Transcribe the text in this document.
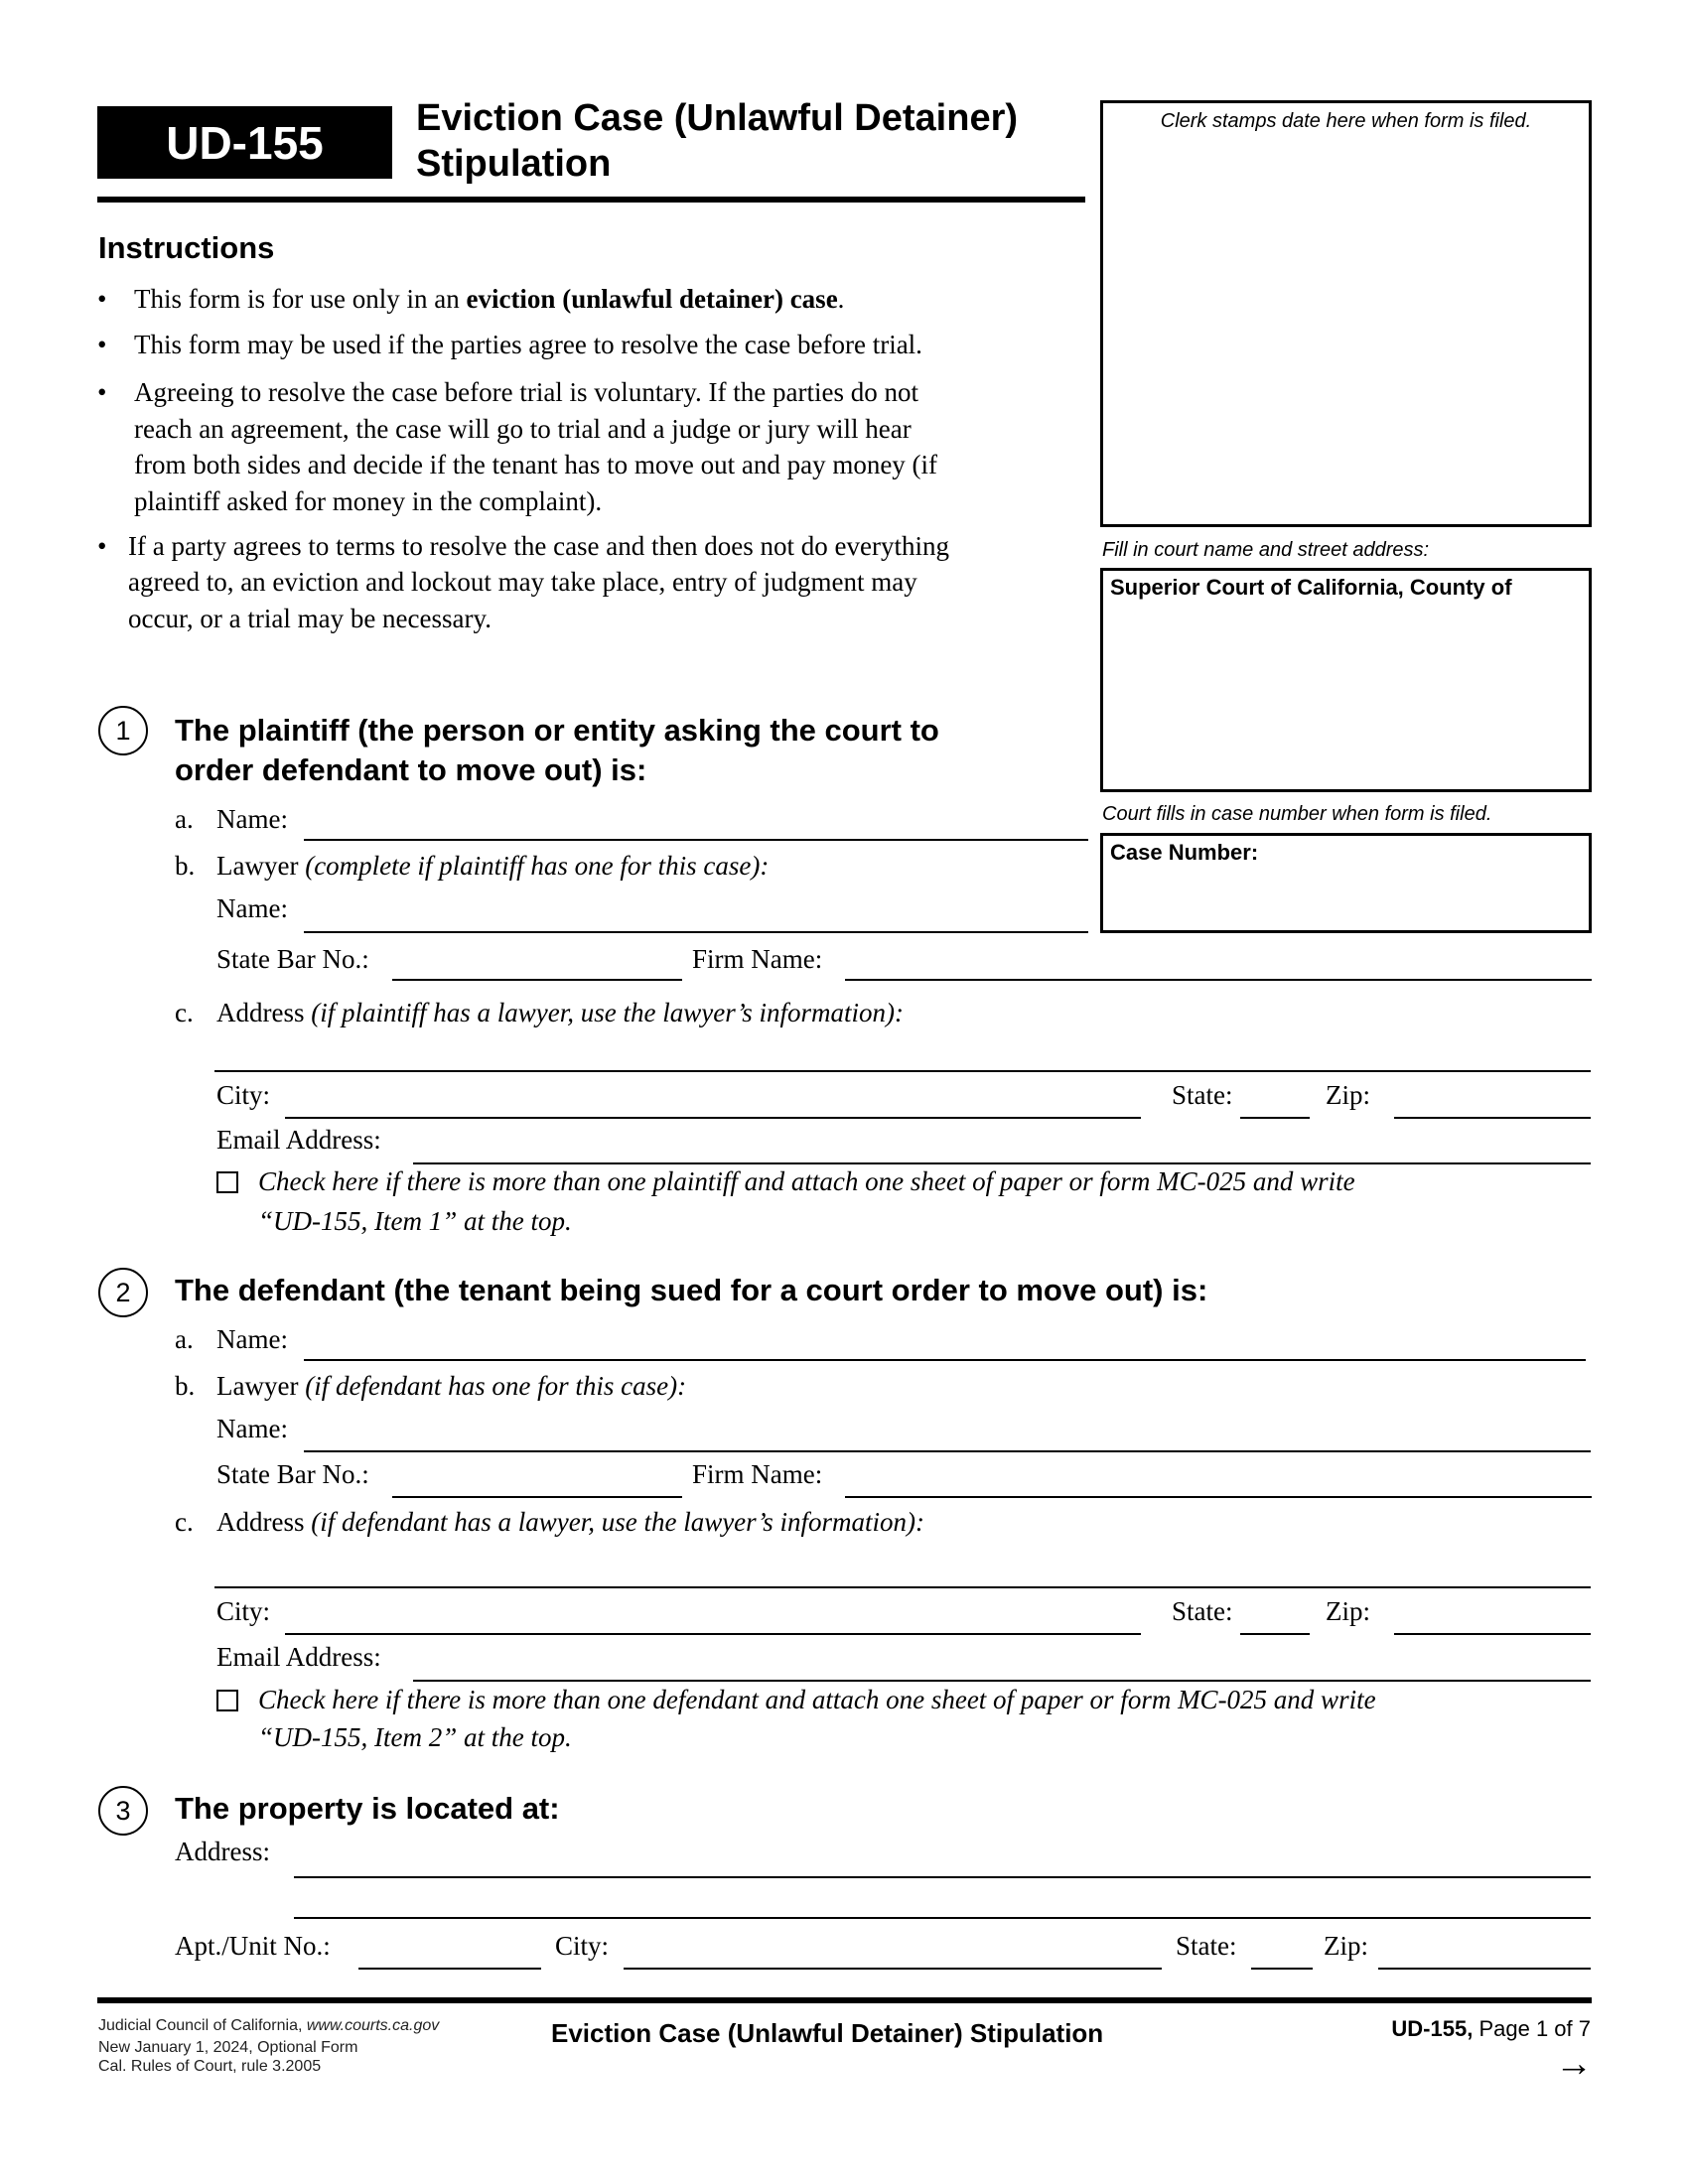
UD-155 Eviction Case (Unlawful Detainer)
Stipulation
Clerk stamps date here when form is filed.
Fill in court name and street address:
Superior Court of California, County of
Court fills in case number when form is filed.
Case Number:
Instructions
• This form is for use only in an eviction (unlawful detainer) case.
• This form may be used if the parties agree to resolve the case before trial.
• Agreeing to resolve the case before trial is voluntary. If the parties do not
reach an agreement, the case will go to trial and a judge or jury will hear
from both sides and decide if the tenant has to move out and pay money (if
plaintiff asked for money in the complaint).
• If a party agrees to terms to resolve the case and then does not do everything
agreed to, an eviction and lockout may take place, entry of judgment may
occur, or a trial may be necessary.
1	The plaintiff (the person or entity asking the court to
order defendant to move out) is:
a. Name:
b. Lawyer (complete if plaintiff has one for this case):
Name:
State Bar No.:	Firm Name:
c. Address (if plaintiff has a lawyer, use the lawyer’s information):
City:	State:	Zip:
Email Address:
Check here if there is more than one plaintiff and attach one sheet of paper or form MC-025 and write
“UD-155, Item 1” at the top.
2	The defendant (the tenant being sued for a court order to move out) is:
a. Name:
b. Lawyer (if defendant has one for this case):
Name:
State Bar No.:	Firm Name:
c. Address (if defendant has a lawyer, use the lawyer’s information):
City:	State:	Zip:
Email Address:
Check here if there is more than one defendant and attach one sheet of paper or form MC-025 and write
“UD-155, Item 2” at the top.
3	The property is located at:
Address:
Apt./Unit No.:	City:	State:	Zip:
Judicial Council of California, www.courts.ca.gov
New January 1, 2024, Optional Form
Cal. Rules of Court, rule 3.2005
Eviction Case (Unlawful Detainer) Stipulation	UD-155, Page 1 of 7
→
